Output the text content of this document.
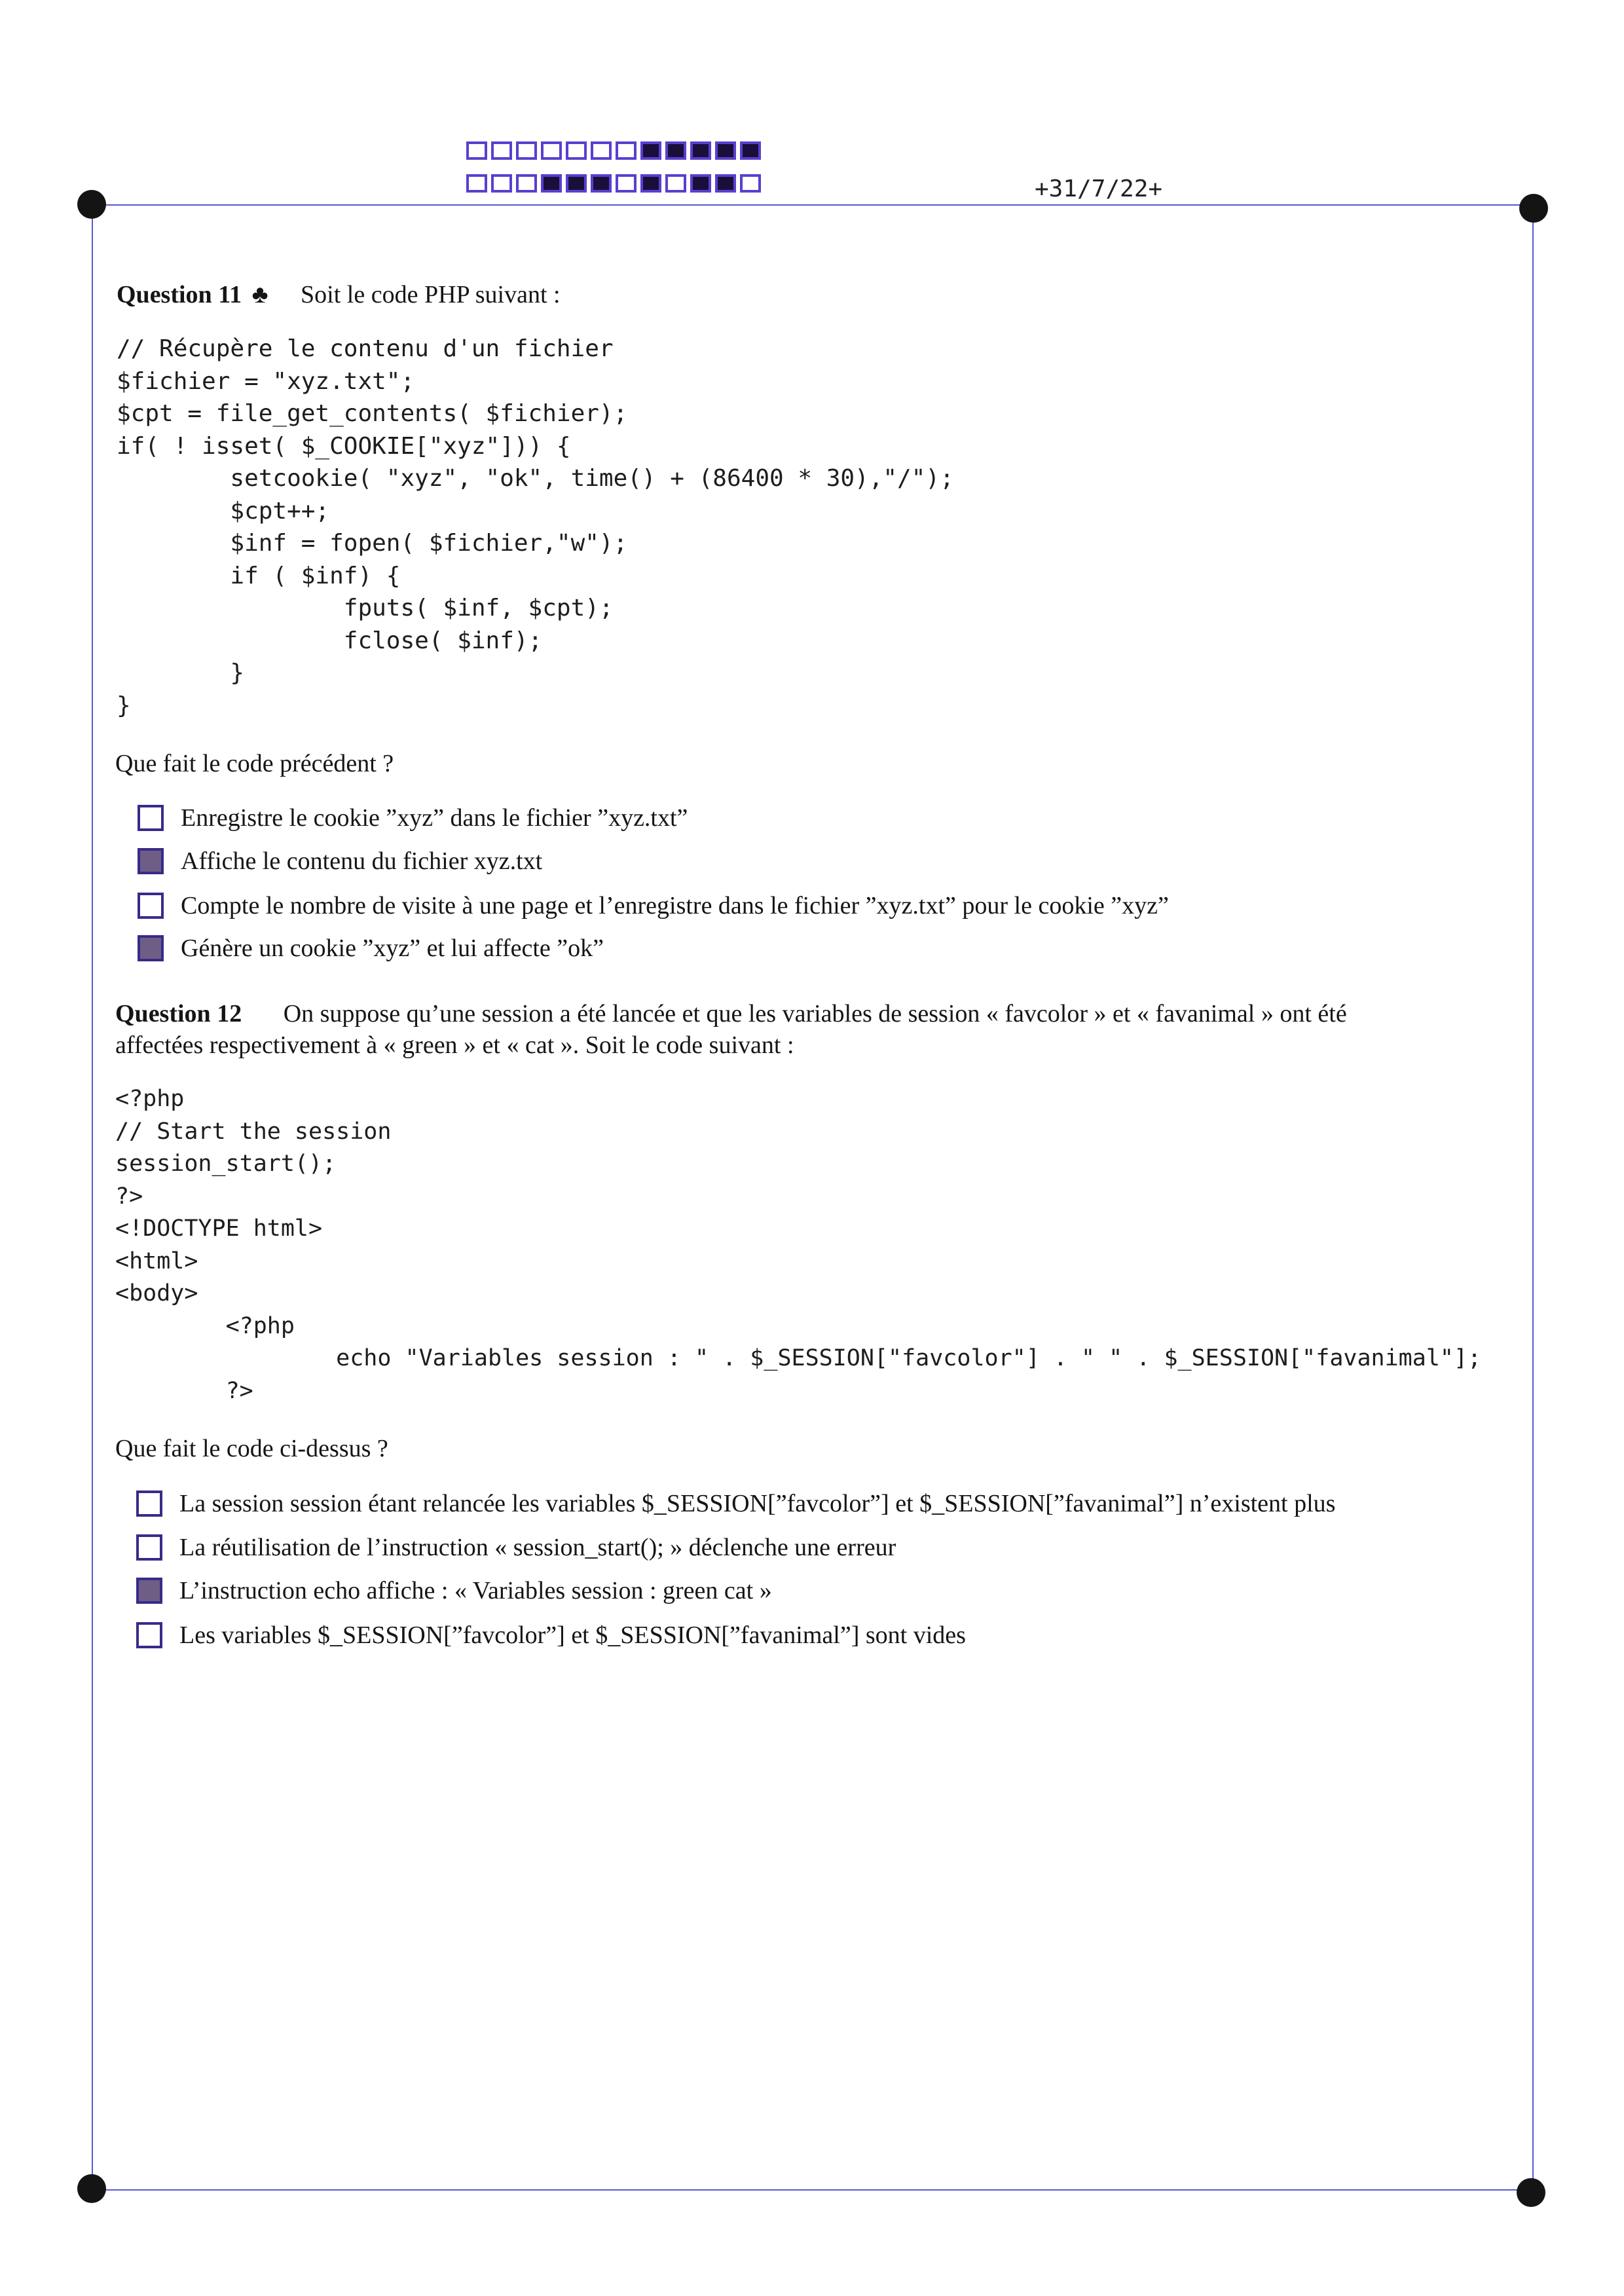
+31/7/22+
Question 11 ♣ Soit le code PHP suivant :
// Récupère le contenu d'un fichier
$fichier = "xyz.txt";
$cpt = file_get_contents( $fichier);
if( ! isset( $_COOKIE["xyz"])) {
setcookie( "xyz", "ok", time() + (86400 * 30),"/");
$cpt++;
$inf = fopen( $fichier,"w");
if ( $inf) {
fputs( $inf, $cpt);
fclose( $inf);
}
}
Que fait le code précédent ?
Enregistre le cookie ”xyz” dans le fichier ”xyz.txt”
Affiche le contenu du fichier xyz.txt
Compte le nombre de visite à une page et l’enregistre dans le fichier ”xyz.txt” pour le cookie ”xyz”
Génère un cookie ”xyz” et lui affecte ”ok”
Question 12 On suppose qu’une session a été lancée et que les variables de session « favcolor » et « favanimal » ont été
affectées respectivement à « green » et « cat ». Soit le code suivant :
<?php
// Start the session
session_start();
?>
<!DOCTYPE html>
<html>
<body>
<?php
echo "Variables session : " . $_SESSION["favcolor"] . " " . $_SESSION["favanimal"];
?>
Que fait le code ci-dessus ?
La session session étant relancée les variables $_SESSION[”favcolor”] et $_SESSION[”favanimal”] n’existent plus
La réutilisation de l’instruction « session_start(); » déclenche une erreur
L’instruction echo affiche : « Variables session : green cat »
Les variables $_SESSION[”favcolor”] et $_SESSION[”favanimal”] sont vides
